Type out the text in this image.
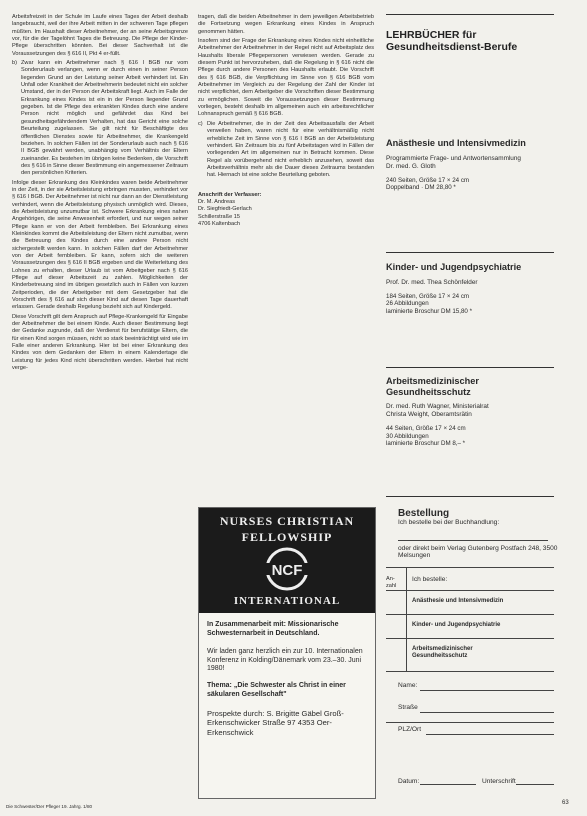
Arbeitsfreizeit in der Schule im Laufe eines Tages der Arbeit deshalb langebraucht, weil der ihre Arbeit mitten in der schweren Tage pflegen müßten. Im Haushalt dieser Arbeitnehmer, der an seine Arbeitsgrenze vor, für die der Tagelöhnt Tages die Betreuung. Die Pflege der Kinder-Pflege überschritten könnten. Bei dieser Sachverhalt ist die Voraussetzungen des § 616 II, Pkt 4 er-füllt.

b) Zwar kann ein Arbeitnehmer nach § 616 I BGB nur vom Sonderurlaub verlangen, wenn er durch einen in seiner Person liegenden Grund an der Leistung seiner Arbeit verhindert ist. Ein Unfall oder Krankheit der Arbeitnehmerin bedeutet nicht ein solcher Umstand, der in der Person der Arbeitskraft liegt. Auch im Falle der Erkrankung eines Kindes ist ein in der Person liegender Grund gegeben. Ist die Pflege des erkrankten Kindes durch eine andere Person nicht möglich und gefährdet das Kind bei gesundheitsgefährdendem Verhalten, hat das Gericht eine solche Beurteilung zugelassen. Sie gilt nicht für Beschäftigte des öffentlichen Dienstes sowie für Arbeitnehmer, die Krankengeld beziehen. In solchen Fällen ist der Sonderurlaub auch nach § 616 II BGB gewährt werden, unabhängig vom Verhältnis der Eltern zueinander. Es bestehen im übrigen keine Bedenken, die Vorschrift des § 616 in Sinne dieser Bestimmung ein angemessener Zeitraum den persönlichen Kriterien.

Infolge dieser Erkrankung des Kleinkindes waren beide Arbeitnehmer in der Zeit, in der sie Arbeitsleistung erbringen mussten, verhindert vor § 616 I BGB. Der Arbeitnehmer ist nicht nur dann an der Dienstleistung verhindert, wenn die Arbeitsleistung physisch unmöglich wird. Dieses, die Arbeitsleistung unzumutbar ist. Schwere Erkrankung eines nahen Angehörigen, die seine Anwesenheit erfordert, und nur wegen seiner Pflege kann er von der Arbeit fernbleiben. Bei Erkrankung eines Kleinkindes kommt die Arbeitsleistung der Eltern nicht zumutbar, wenn die Betreuung des Kindes durch eine andere Person nicht sichergestellt werden kann. In solchen Fällen darf der Arbeitnehmer von der Arbeit fernbleiben. Er kann, sofern sich die weiteren Voraussetzungen des § 616 II BGB ergeben und die Weiterleitung des Lohnes zu erhalten, dieser Urlaub ist vom Arbeitgeber nach § 616 Pflege auf dieser Arbeitszeit zu zahlen. Möglichkeiten der Kinderbetreuung sind im übrigen gesetzlich auch in Fällen von kurzen Zeitperioden, die der Arbeitgeber mit dem Gesetzgeber hat die Vorschrift des § 616 auf sich dieser Kind auf diesen Tage dauerhaft erlassen. Gerade deshalb Regelung bezieht sich auf Kindergeld.

Diese Vorschrift gilt dem Anspruch auf Pflege-Krankengeld für Eingabe der Arbeitnehmer die bei einem Kinde. Auch dieser Bestimmung liegt der Gedanke zugrunde, daß der Verdienst für berufstätige Eltern, die für einen Kind sorgen müssen, nicht so stark beeinträchtigt wird wie im Falle einer anderen Erkrankung. Hier ist bei einer Erkrankung des Kindes von dem Gedanken der Eltern in einem Kalendertage die Leistung für jedes Kind nicht überschritten werden. Hierbei hat nicht verge-

tragen, daß die beiden Arbeitnehmer in dem jeweiligen Arbeitsbetrieb die Fortsetzung wegen Erkrankung eines Kindes in Anspruch genommen hätten.

Insofern sind der Frage der Erkrankung eines Kindes nicht einheitliche Arbeitnehmer der Arbeitnehmer in der Regel nicht auf Arbeitsplatz des Haushalts liberale Pflegepersonen verwiesen werden. Gerade zu diesem Punkt ist hervorzuheben, daß die Regelung in § 616 nicht die Pflege durch andere Personen des Haushalts erlaubt. Die Vorschrift des § 616 BGB, die Verpflichtung im Sinne von § 616 BGB vom Arbeitnehmer im Vergleich zu der Regelung der Zahl der Kinder ist nicht verpflichtet, dem Arbeitgeber die Vorschriften dieser Bestimmung zu ermöglichen. Soweit die Voraussetzungen dieser Bestimmung vorliegen, besteht deshalb im allgemeinen auch ein arbeitsrechtlicher Lohnanspruch gemäß § 616 BGB.

c) Die Arbeitnehmer, die in der Zeit des Arbeitsausfalls der Arbeit verweilen haben, waren nicht für eine verhältnismäßig nicht erhebliche Zeit im Sinne von § 616 I BGB an der Arbeitsleistung verhindert. Ein Zeitraum bis zu fünf Arbeitstagen wird in Fällen der vorliegenden Art im allgemeinen nur in Betracht kommen. Diese Regel als vorübergehend nicht erheblich anzusehen, soweit das Arbeitsverhältnis mehr als die Dauer dieses Zeitraums bestanden hat. Hiernach ist eine solche Beurteilung geboten.
Anschrift der Verfasser:
Dr. M. Andreas
Dr. Siegfriedt-Gerlach
Schillerstraße 15
4706 Kaltenbach
LEHRBÜCHER für Gesundheitsdienst-Berufe
Anästhesie und Intensivmedizin
Programmierte Frage- und Antwortensammlung
Dr. med. G. Gloth
240 Seiten, Größe 17 × 24 cm
Doppelband · DM 28,80 *
Kinder- und Jugendpsychiatrie
Prof. Dr. med. Thea Schönfelder
184 Seiten, Größe 17 × 24 cm
26 Abbildungen
laminierte Broschur DM 15,80 *
Arbeitsmedizinischer Gesundheitsschutz
Dr. med. Ruth Wagner, Ministerialrat
Christa Weight, Oberamtsrätin
44 Seiten, Größe 17 × 24 cm
30 Abbildungen
laminierte Broschur DM 8,– *
NURSES CHRISTIAN
FELLOWSHIP
NCF
INTERNATIONAL
In Zusammenarbeit mit: Missionarische Schwesternarbeit in Deutschland.
Wir laden ganz herzlich ein zur 10. Internationalen Konferenz in Kolding/Dänemark vom 23.–30. Juni 1980!
Thema: „Die Schwester als Christ in einer säkularen Gesellschaft"
Prospekte durch: S. Brigitte Gäbel Groß-Erkenschwicker Straße 97 4353 Oer-Erkenschwick
Bestellung
Ich bestelle bei der Buchhandlung:
oder direkt beim Verlag Gutenberg Postfach 248, 3500 Melsungen
An-zahl
Ich bestelle:
Anästhesie und Intensivmedizin
Kinder- und Jugendpsychiatrie
Arbeitsmedizinischer Gesundheitsschutz
Name:
Straße
PLZ/Ort
Datum:	Unterschrift
Die Schwester/Der Pfleger 19. Jahrg. 1/80
63
